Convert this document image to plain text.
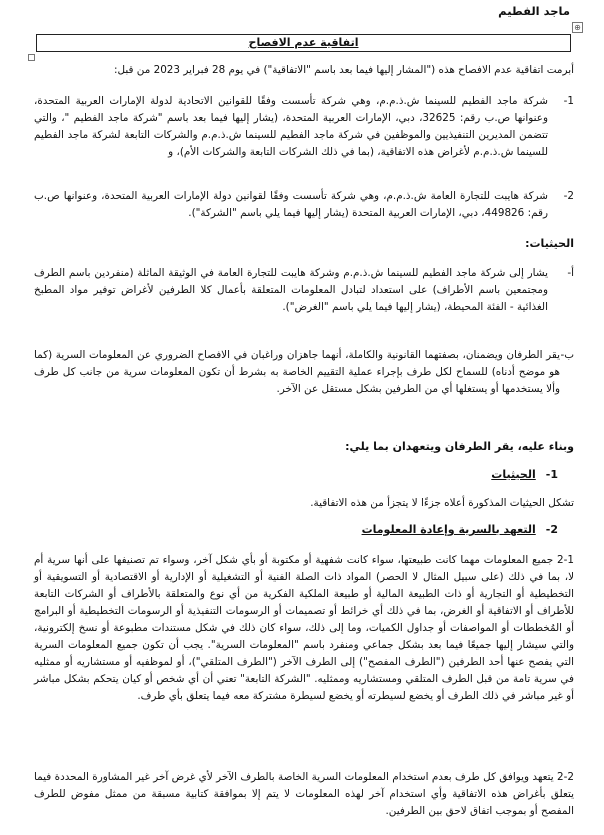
ماجد الفطيم
⊕
اتفاقية عدم الافصاح
أبرمت اتفاقية عدم الافصاح هذه ("المشار إليها فيما بعد باسم "الاتفاقية") في يوم 28 فبراير 2023 من قبل:
1-
شركة ماجد الفطيم للسينما ش.ذ.م.م، وهي شركة تأسست وفقًا للقوانين الاتحادية لدولة الإمارات العربية المتحدة، وعنوانها ص.ب رقم: 32625، دبي، الإمارات العربية المتحدة، (يشار إليها فيما بعد باسم "شركة ماجد الفطيم "، والتي تتضمن المديرين التنفيذيين والموظفين في شركة ماجد الفطيم للسينما ش.ذ.م.م والشركات التابعة لشركة ماجد الفطيم للسينما ش.ذ.م.م لأغراض هذه الاتفاقية، (بما في ذلك الشركات التابعة والشركات الأم)، و
2-
شركة هايبت للتجارة العامة ش.ذ.م.م، وهي شركة تأسست وفقًا لقوانين دولة الإمارات العربية المتحدة، وعنوانها ص.ب رقم: 449826، دبي، الإمارات العربية المتحدة (يشار إليها فيما يلي باسم "الشركة").
الحيثيات:
أ-
يشار إلى شركة ماجد الفطيم للسينما ش.ذ.م.م وشركة هايبت للتجارة العامة في الوثيقة الماثلة (منفردين باسم الطرف ومجتمعين باسم الأطراف) على استعداد لتبادل المعلومات المتعلقة بأعمال كلا الطرفين لأغراض توفير مواد المطبخ الغذائية - الفئة المحيطة، (يشار إليها فيما يلي باسم "الغرض").
ب-
يقر الطرفان ويضمنان، بصفتهما القانونية والكاملة، أنهما جاهزان وراغبان في الافصاح الضروري عن المعلومات السرية (كما هو موضح أدناه) للسماح لكل طرف بإجراء عملية التقييم الخاصة به بشرط أن تكون المعلومات سرية من جانب كل طرف وألا يستخدمها أو يستغلها أي من الطرفين بشكل مستقل عن الآخر.
وبناء عليه، يقر الطرفان ويتعهدان بما يلي:
1-الحيثيات
تشكل الحيثيات المذكورة أعلاه جزءًا لا يتجزأ من هذه الاتفاقية.
2-التعهد بالسرية وإعادة المعلومات
2-1 جميع المعلومات مهما كانت طبيعتها، سواء كانت شفهية أو مكتوبة أو بأي شكل آخر، وسواء تم تصنيفها على أنها سرية أم لا، بما في ذلك (على سبيل المثال لا الحصر) المواد ذات الصلة الفنية أو التشغيلية أو الإدارية أو الاقتصادية أو التسويقية أو التخطيطية أو التجارية أو ذات الطبيعة المالية أو طبيعة الملكية الفكرية من أي نوع والمتعلقة بالأطراف أو الشركات التابعة للأطراف أو الاتفاقية أو الغرض، بما في ذلك أي خرائط أو تصميمات أو الرسومات التنفيذية أو الرسومات التخطيطية أو البرامج أو المُخططات أو المواصفات أو جداول الكميات، وما إلى ذلك، سواء كان ذلك في شكل مستندات مطبوعة أو نسخ إلكترونية، والتي سيشار إليها جميعًا فيما بعد بشكل جماعي ومنفرد باسم "المعلومات السرية". يجب أن تكون جميع المعلومات السرية التي يفصح عنها أحد الطرفين ("الطرف المفصح") إلى الطرف الآخر ("الطرف المتلقي")، أو لموظفيه أو مستشاريه أو ممثليه في سرية تامة من قبل الطرف المتلقي ومستشاريه وممثليه. "الشركة التابعة" تعني أن أي شخص أو كيان يتحكم بشكل مباشر أو غير مباشر في ذلك الطرف أو يخضع لسيطرته أو يخضع لسيطرة مشتركة معه فيما يتعلق بأي طرف.
2-2 يتعهد ويوافق كل طرف بعدم استخدام المعلومات السرية الخاصة بالطرف الآخر لأي غرض آخر غير المشاورة المحددة فيما يتعلق بأغراض هذه الاتفاقية وأي استخدام آخر لهذه المعلومات لا يتم إلا بموافقة كتابية مسبقة من ممثل مفوض للطرف المفصح أو بموجب اتفاق لاحق بين الطرفين.
